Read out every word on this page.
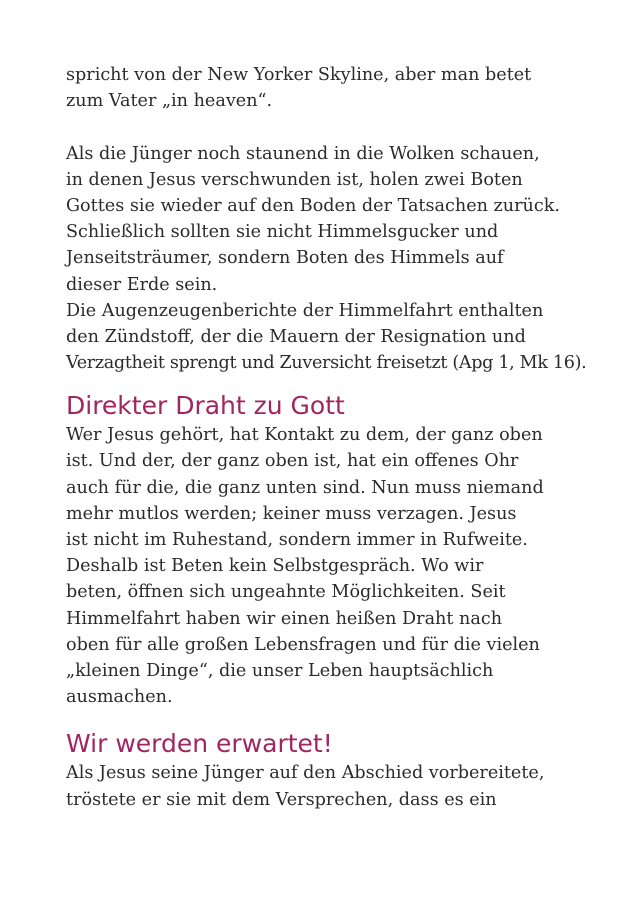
spricht von der New Yorker Skyline, aber man betet
zum Vater „in heaven“.
Als die Jünger noch staunend in die Wolken schauen,
in denen Jesus verschwunden ist, holen zwei Boten
Gottes sie wieder auf den Boden der Tatsachen zurück.
Schließlich sollten sie nicht Himmelsgucker und
Jenseitsträumer, sondern Boten des Himmels auf
dieser Erde sein.
Die Augenzeugenberichte der Himmelfahrt enthalten
den Zündstoff, der die Mauern der Resignation und
Verzagtheit sprengt und Zuversicht freisetzt (Apg 1, Mk 16).
Direkter Draht zu Gott
Wer Jesus gehört, hat Kontakt zu dem, der ganz oben
ist. Und der, der ganz oben ist, hat ein offenes Ohr
auch für die, die ganz unten sind. Nun muss niemand
mehr mutlos werden; keiner muss verzagen. Jesus
ist nicht im Ruhestand, sondern immer in Rufweite.
Deshalb ist Beten kein Selbstgespräch. Wo wir
beten, öffnen sich ungeahnte Möglichkeiten. Seit
Himmelfahrt haben wir einen heißen Draht nach
oben für alle großen Lebensfragen und für die vielen
„kleinen Dinge“, die unser Leben hauptsächlich
ausmachen.
Wir werden erwartet!
Als Jesus seine Jünger auf den Abschied vorbereitete,
tröstete er sie mit dem Versprechen, dass es ein
